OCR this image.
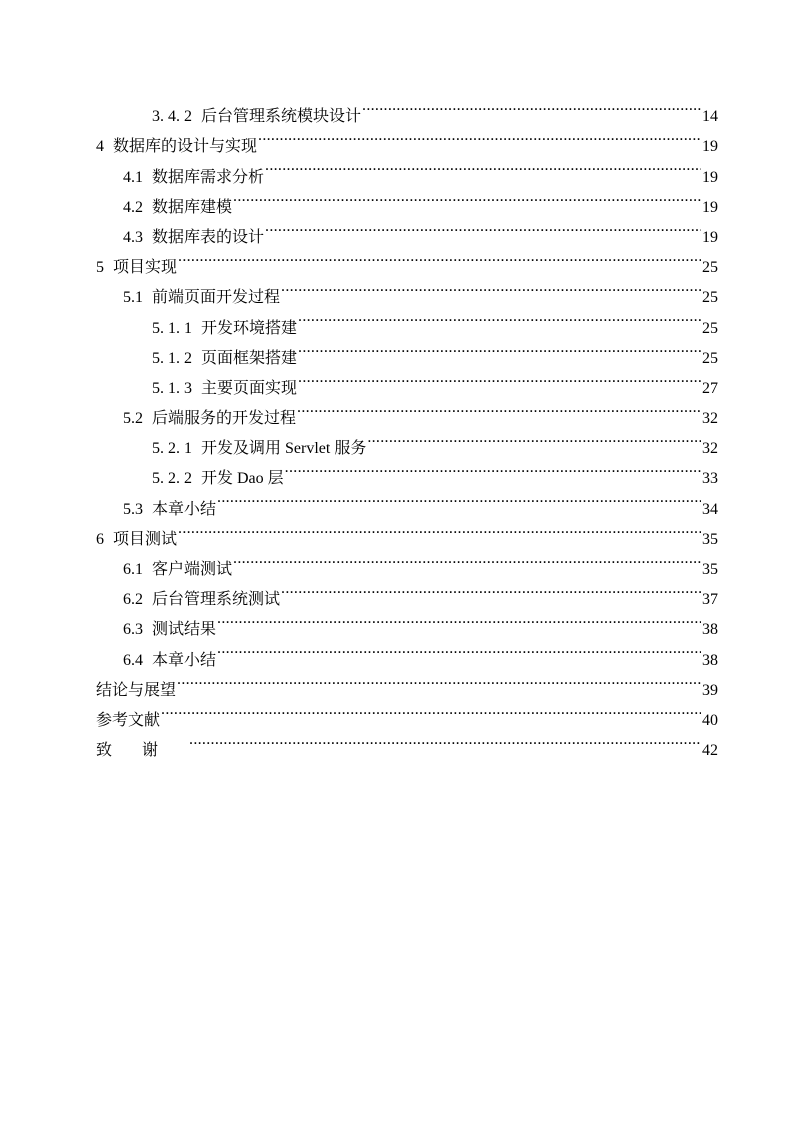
3. 4. 2 后台管理系统模块设计 .....	14
4 数据库的设计与实现 .....	19
4.1 数据库需求分析 .....	19
4.2 数据库建模 .....	19
4.3 数据库表的设计 .....	19
5 项目实现 .....	25
5.1 前端页面开发过程 .....	25
5. 1. 1 开发环境搭建 .....	25
5. 1. 2 页面框架搭建 .....	25
5. 1. 3 主要页面实现 .....	27
5.2 后端服务的开发过程 .....	32
5. 2. 1 开发及调用 Servlet 服务 .....	32
5. 2. 2 开发 Dao 层 .....	33
5.3 本章小结 .....	34
6 项目测试 .....	35
6.1 客户端测试 .....	35
6.2 后台管理系统测试 .....	37
6.3 测试结果 .....	38
6.4 本章小结 .....	38
结论与展望 .....	39
参考文献 .....	40
致谢 .....	42
